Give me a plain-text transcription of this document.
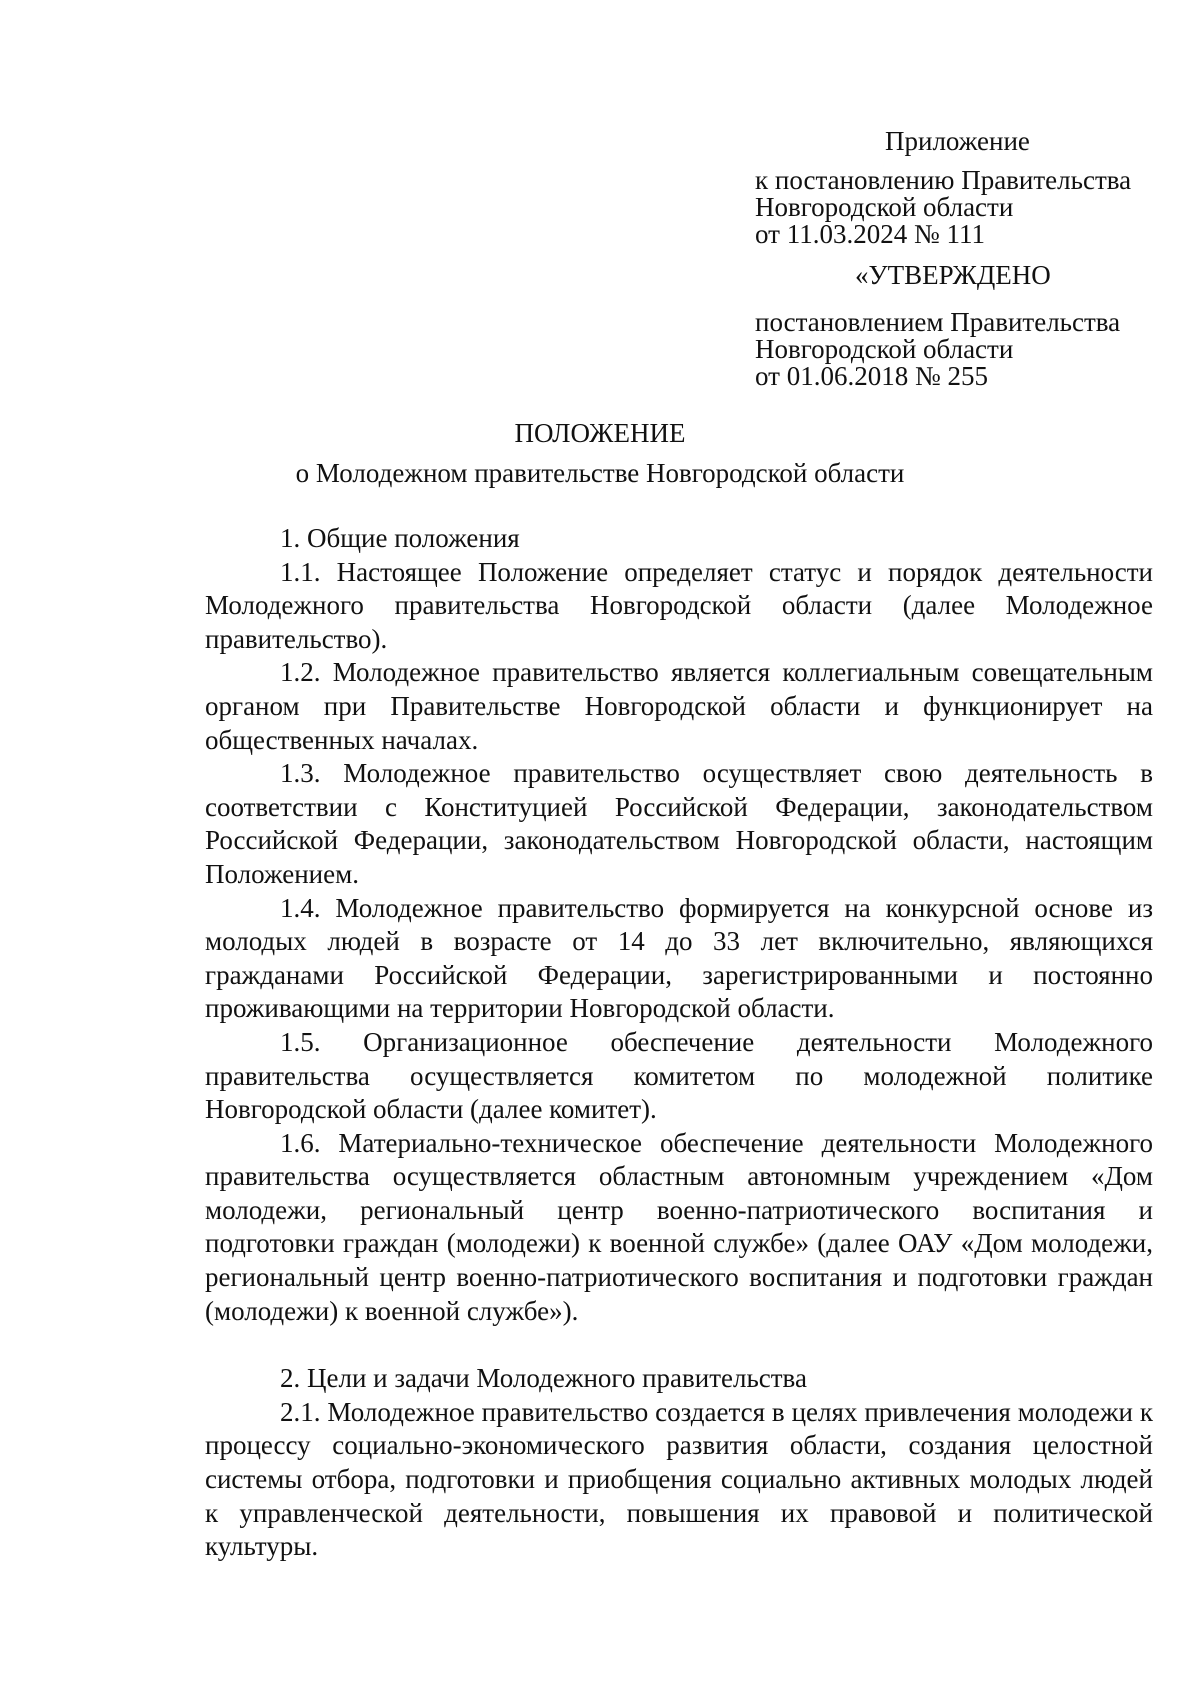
Приложение
к постановлению Правительства
Новгородской области
от 11.03.2024 № 111
«УТВЕРЖДЕНО
постановлением Правительства
Новгородской области
от 01.06.2018 № 255
ПОЛОЖЕНИЕ
о Молодежном правительстве Новгородской области

1. Общие положения

1.1. Настоящее Положение определяет статус и порядок деятельности Молодежного правительства Новгородской области (далее Молодежное правительство).

1.2. Молодежное правительство является коллегиальным совещательным органом при Правительстве Новгородской области и функционирует на общественных началах.

1.3. Молодежное правительство осуществляет свою деятельность в соответствии с Конституцией Российской Федерации, законодательством Российской Федерации, законодательством Новгородской области, настоящим Положением.

1.4. Молодежное правительство формируется на конкурсной основе из молодых людей в возрасте от 14 до 33 лет включительно, являющихся гражданами Российской Федерации, зарегистрированными и постоянно проживающими на территории Новгородской области.

1.5. Организационное обеспечение деятельности Молодежного правительства осуществляется комитетом по молодежной политике Новгородской области (далее комитет).

1.6. Материально-техническое обеспечение деятельности Молодежного правительства осуществляется областным автономным учреждением «Дом молодежи, региональный центр военно-патриотического воспитания и подготовки граждан (молодежи) к военной службе» (далее ОАУ «Дом молодежи, региональный центр военно-патриотического воспитания и подготовки граждан (молодежи) к военной службе»).

2. Цели и задачи Молодежного правительства

2.1. Молодежное правительство создается в целях привлечения молодежи к процессу социально-экономического развития области, создания целостной системы отбора, подготовки и приобщения социально активных молодых людей к управленческой деятельности, повышения их правовой и политической культуры.
